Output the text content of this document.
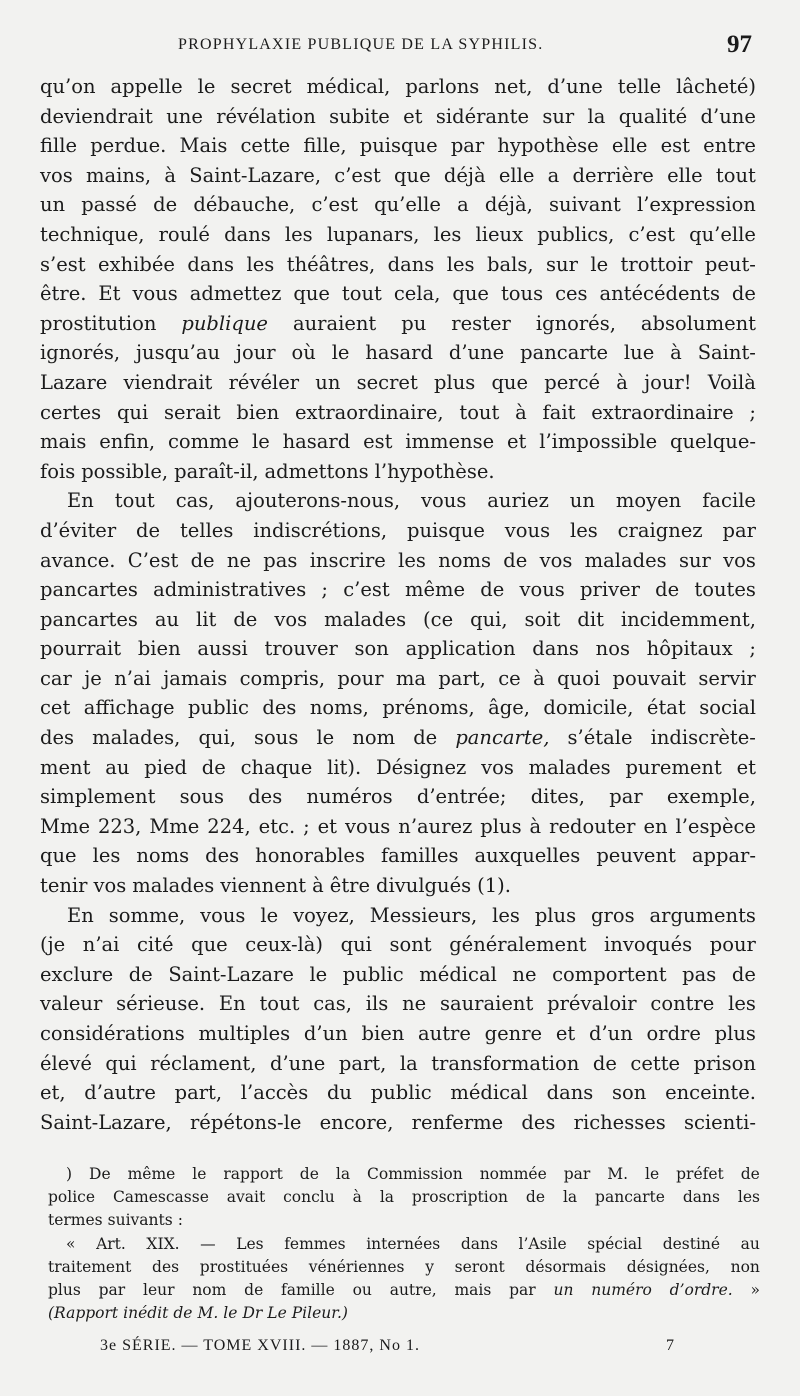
PROPHYLAXIE PUBLIQUE DE LA SYPHILIS.	97
qu’on appelle le secret médical, parlons net, d’une telle lâcheté)
deviendrait une révélation subite et sidérante sur la qualité d’une
fille perdue. Mais cette fille, puisque par hypothèse elle est entre
vos mains, à Saint-Lazare, c’est que déjà elle a derrière elle tout
un passé de débauche, c’est qu’elle a déjà, suivant l’expression
technique, roulé dans les lupanars, les lieux publics, c’est qu’elle
s’est exhibée dans les théâtres, dans les bals, sur le trottoir peut-
être. Et vous admettez que tout cela, que tous ces antécédents de
prostitution publique auraient pu rester ignorés, absolument
ignorés, jusqu’au jour où le hasard d’une pancarte lue à Saint-
Lazare viendrait révéler un secret plus que percé à jour! Voilà
certes qui serait bien extraordinaire, tout à fait extraordinaire ;
mais enfin, comme le hasard est immense et l’impossible quelque-
fois possible, paraît-il, admettons l’hypothèse.
En tout cas, ajouterons-nous, vous auriez un moyen facile
d’éviter de telles indiscrétions, puisque vous les craignez par
avance. C’est de ne pas inscrire les noms de vos malades sur vos
pancartes administratives ; c’est même de vous priver de toutes
pancartes au lit de vos malades (ce qui, soit dit incidemment,
pourrait bien aussi trouver son application dans nos hôpitaux ;
car je n’ai jamais compris, pour ma part, ce à quoi pouvait servir
cet affichage public des noms, prénoms, âge, domicile, état social
des malades, qui, sous le nom de pancarte, s’étale indiscrète-
ment au pied de chaque lit). Désignez vos malades purement et
simplement sous des numéros d’entrée; dites, par exemple,
Mme 223, Mme 224, etc. ; et vous n’aurez plus à redouter en l’espèce
que les noms des honorables familles auxquelles peuvent appar-
tenir vos malades viennent à être divulgués (1).
En somme, vous le voyez, Messieurs, les plus gros arguments
(je n’ai cité que ceux-là) qui sont généralement invoqués pour
exclure de Saint-Lazare le public médical ne comportent pas de
valeur sérieuse. En tout cas, ils ne sauraient prévaloir contre les
considérations multiples d’un bien autre genre et d’un ordre plus
élevé qui réclament, d’une part, la transformation de cette prison
et, d’autre part, l’accès du public médical dans son enceinte.
Saint-Lazare, répétons-le encore, renferme des richesses scienti-
) De même le rapport de la Commission nommée par M. le préfet de
police Camescasse avait conclu à la proscription de la pancarte dans les
termes suivants :
« Art. XIX. — Les femmes internées dans l’Asile spécial destiné au
traitement des prostituées vénériennes y seront désormais désignées, non
plus par leur nom de famille ou autre, mais par un numéro d’ordre. »
(Rapport inédit de M. le Dr Le Pileur.)
3e SÉRIE. — TOME XVIII. — 1887, No 1.	7
